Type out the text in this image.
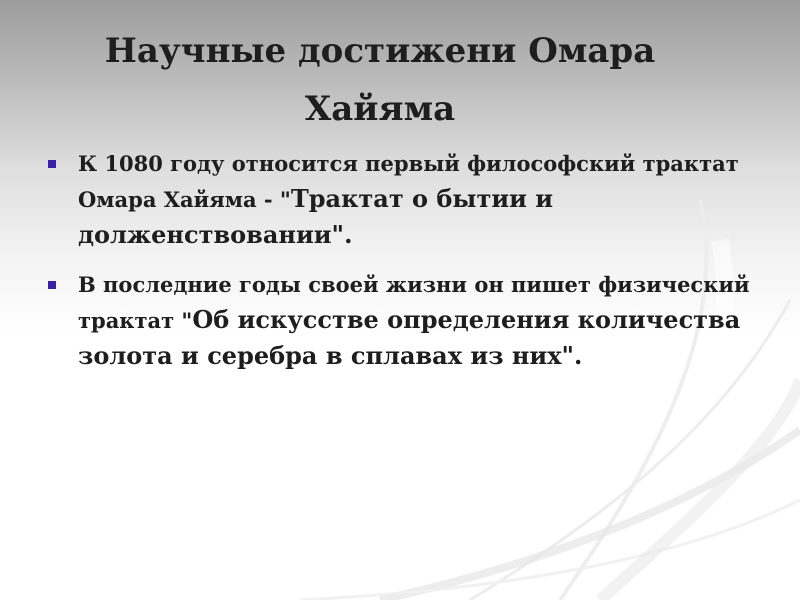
Научные достижени Омара
Хайяма
К 1080 году относится первый философский трактат Омара Хайяма - "Трактат о бытии и долженствовании".
В последние годы своей жизни он пишет физический трактат "Об искусстве определения количества золота и серебра в сплавах из них".
